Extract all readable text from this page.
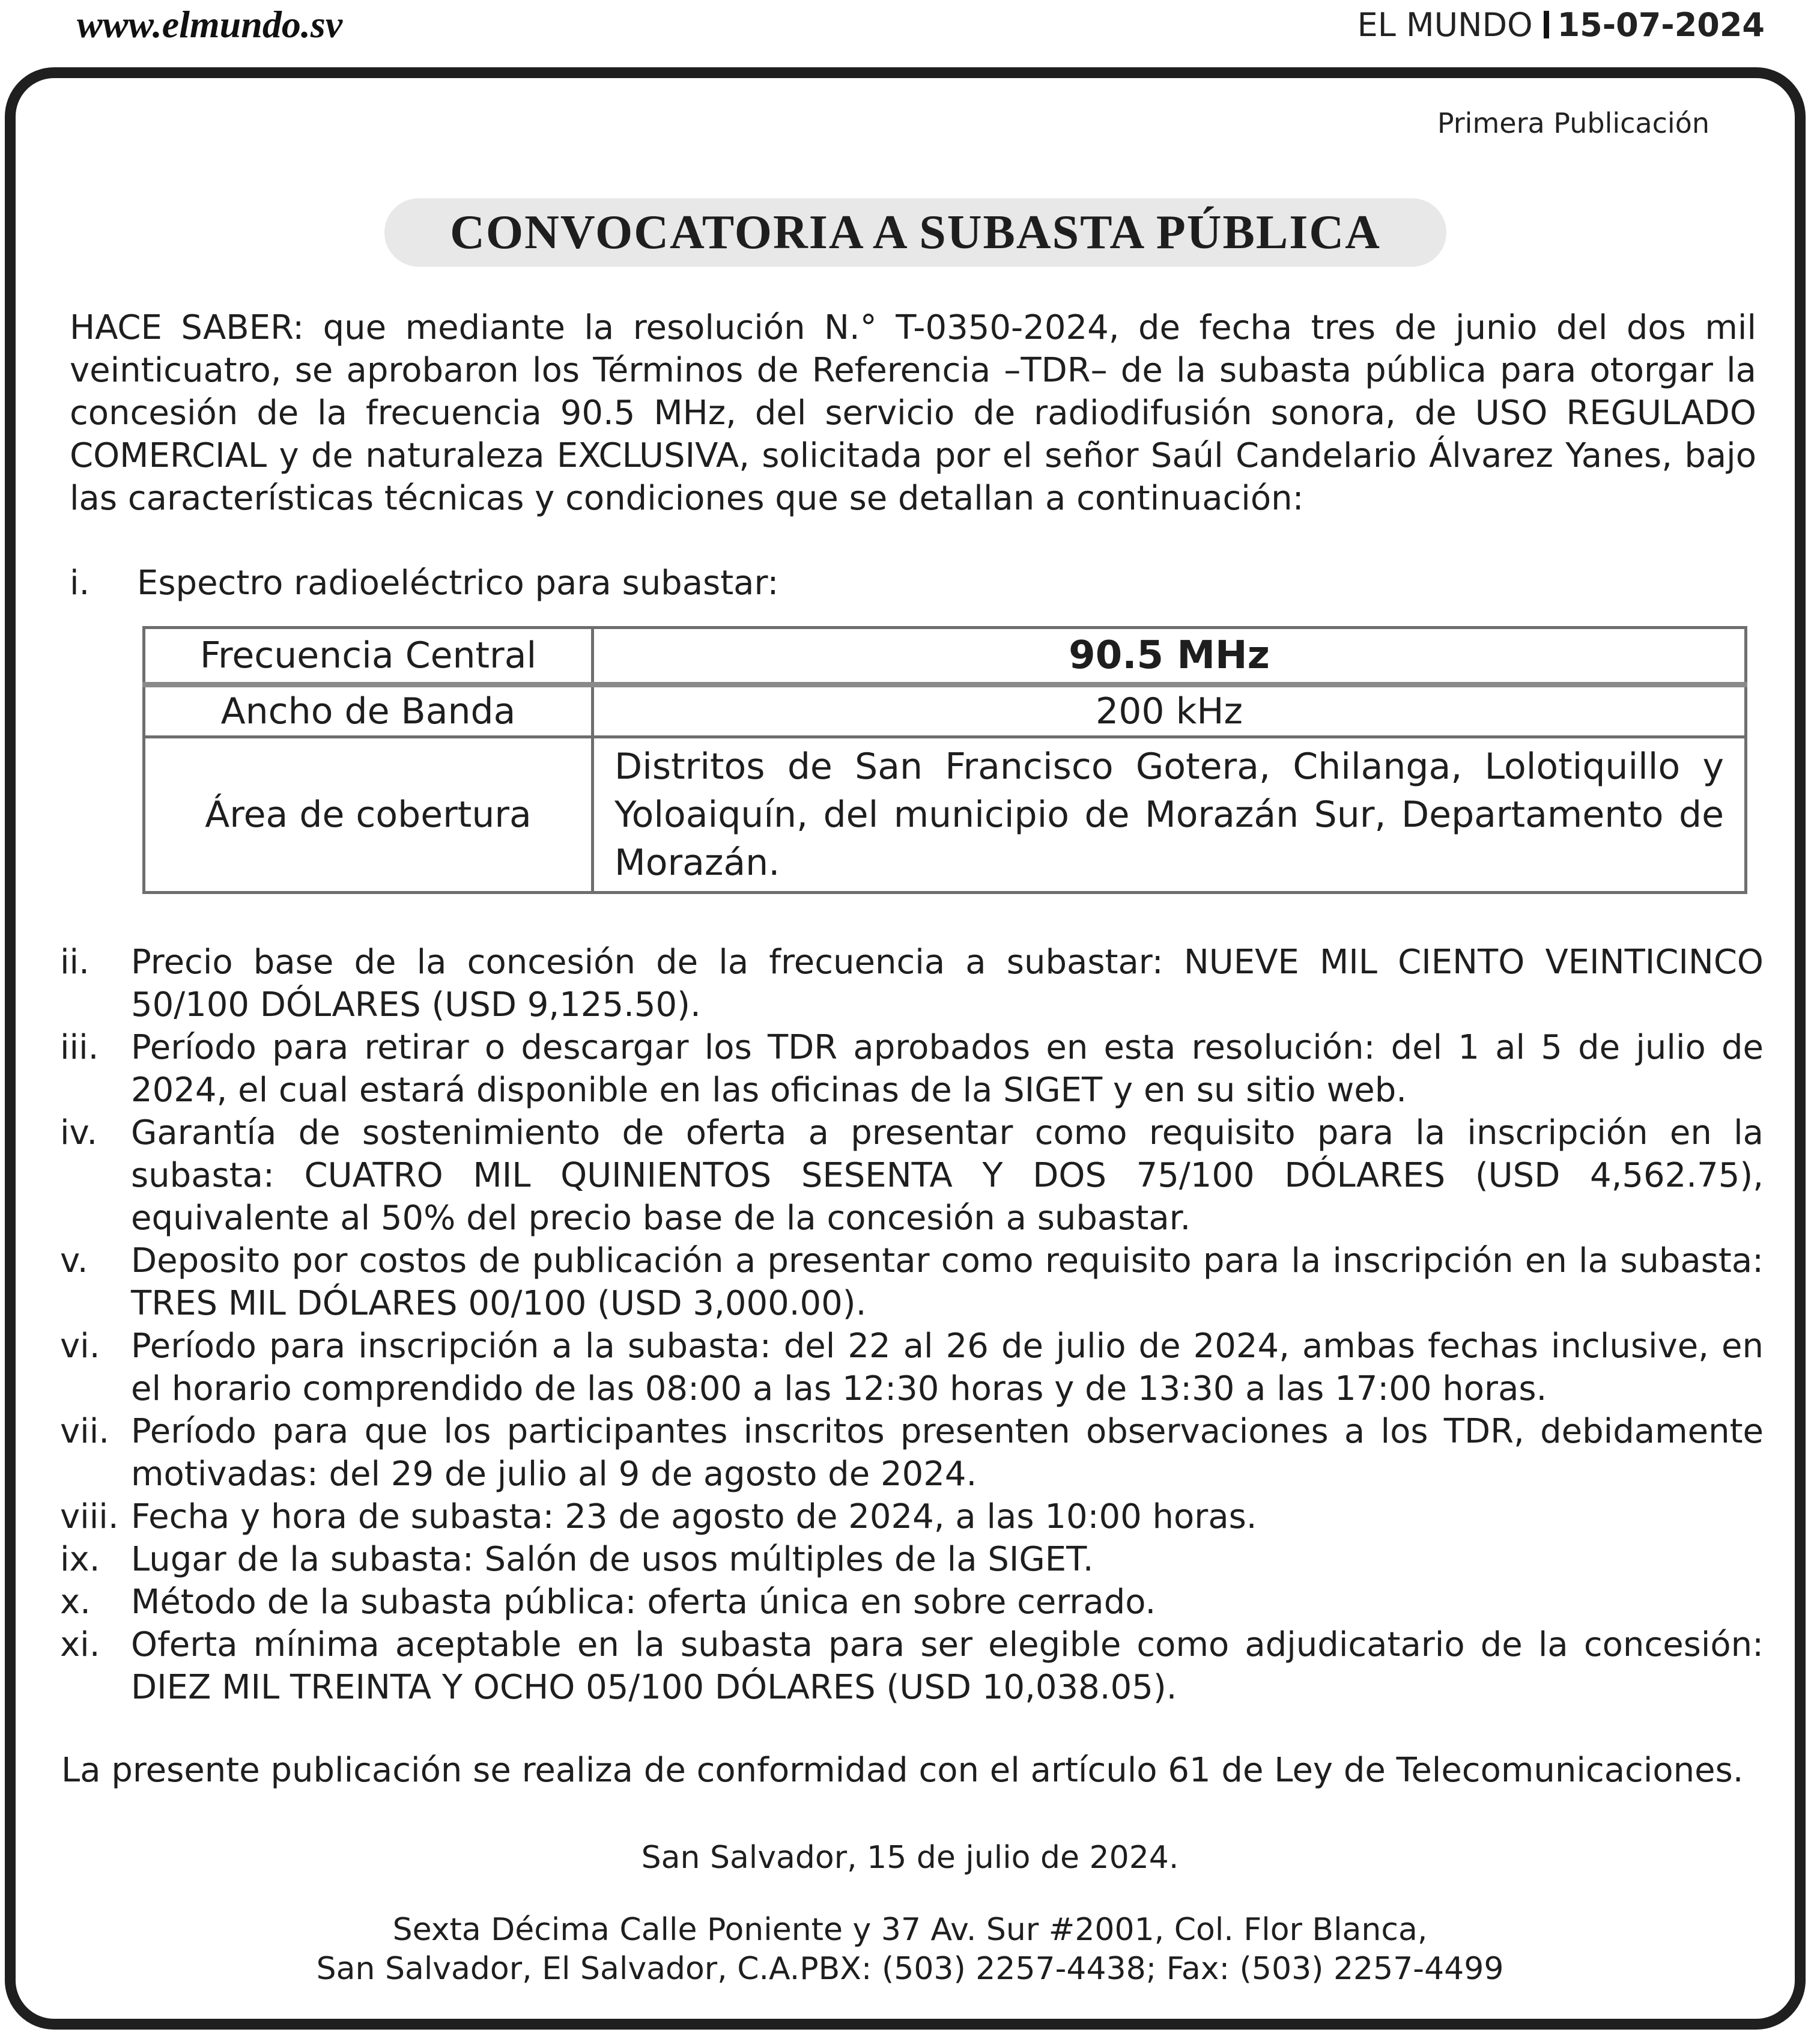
www.elmundo.sv	EL MUNDO 15-07-2024
Primera Publicación
CONVOCATORIA A SUBASTA PÚBLICA
HACE SABER: que mediante la resolución N.° T-0350-2024, de fecha tres de junio del dos mil veinticuatro, se aprobaron los Términos de Referencia –TDR– de la subasta pública para otorgar la concesión de la frecuencia 90.5 MHz, del servicio de radiodifusión sonora, de USO REGULADO COMERCIAL y de naturaleza EXCLUSIVA, solicitada por el señor Saúl Candelario Álvarez Yanes, bajo las características técnicas y condiciones que se detallan a continuación:
i. Espectro radioeléctrico para subastar:
Frecuencia Central	90.5 MHz
Ancho de Banda	200 kHz
Área de cobertura	Distritos de San Francisco Gotera, Chilanga, Lolotiquillo y Yoloaiquín, del municipio de Morazán Sur, Departamento de Morazán.
ii.	Precio base de la concesión de la frecuencia a subastar: NUEVE MIL CIENTO VEINTICINCO 50/100 DÓLARES (USD 9,125.50).
iii. Período para retirar o descargar los TDR aprobados en esta resolución: del 1 al 5 de julio de 2024, el cual estará disponible en las oficinas de la SIGET y en su sitio web.
iv. Garantía de sostenimiento de oferta a presentar como requisito para la inscripción en la subasta: CUATRO MIL QUINIENTOS SESENTA Y DOS 75/100 DÓLARES (USD 4,562.75), equivalente al 50% del precio base de la concesión a subastar.
v.	Deposito por costos de publicación a presentar como requisito para la inscripción en la subasta: TRES MIL DÓLARES 00/100 (USD 3,000.00).
vi. Período para inscripción a la subasta: del 22 al 26 de julio de 2024, ambas fechas inclusive, en el horario comprendido de las 08:00 a las 12:30 horas y de 13:30 a las 17:00 horas.
vii. Período para que los participantes inscritos presenten observaciones a los TDR, debidamente motivadas: del 29 de julio al 9 de agosto de 2024.
viii. Fecha y hora de subasta: 23 de agosto de 2024, a las 10:00 horas.
ix. Lugar de la subasta: Salón de usos múltiples de la SIGET.
x.	Método de la subasta pública: oferta única en sobre cerrado.
xi. Oferta mínima aceptable en la subasta para ser elegible como adjudicatario de la concesión: DIEZ MIL TREINTA Y OCHO 05/100 DÓLARES (USD 10,038.05).
La presente publicación se realiza de conformidad con el artículo 61 de Ley de Telecomunicaciones.
San Salvador, 15 de julio de 2024.
Sexta Décima Calle Poniente y 37 Av. Sur #2001, Col. Flor Blanca,
San Salvador, El Salvador, C.A.PBX: (503) 2257-4438; Fax: (503) 2257-4499
